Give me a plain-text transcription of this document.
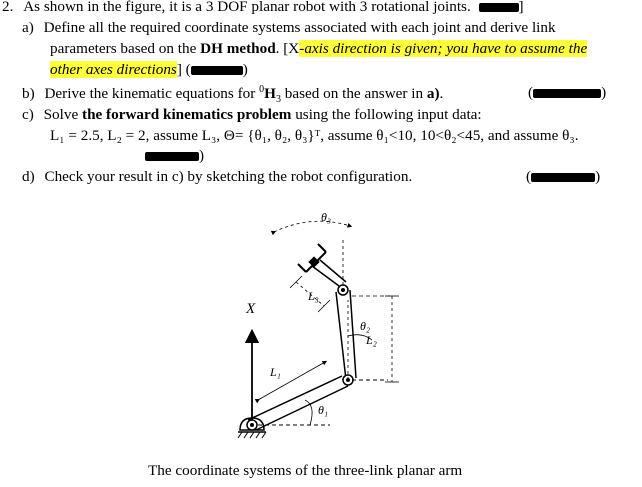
2. As shown in the figure, it is a 3 DOF planar robot with 3 rotational joints.	]
a) Define all the required coordinate systems associated with each joint and derive link
parameters based on the DH method. [X-axis direction is given; you have to assume the
other axes directions] (	)
b) Derive the kinematic equations for $^0H_3$ based on the answer in a).	(	)
c) Solve the forward kinematics problem using the following input data:
L₁ = 2.5, L₂ = 2, assume L₃, Θ= {θ₁, θ₂, θ₃}ᵀ, assume θ₁<10, 10<θ₂<45, and assume θ₃.
)
d) Check your result in c) by sketching the robot configuration.	(	)
X
L₁
θ₁
θ₂
L₂
L₃
θ₃
The coordinate systems of the three-link planar arm
